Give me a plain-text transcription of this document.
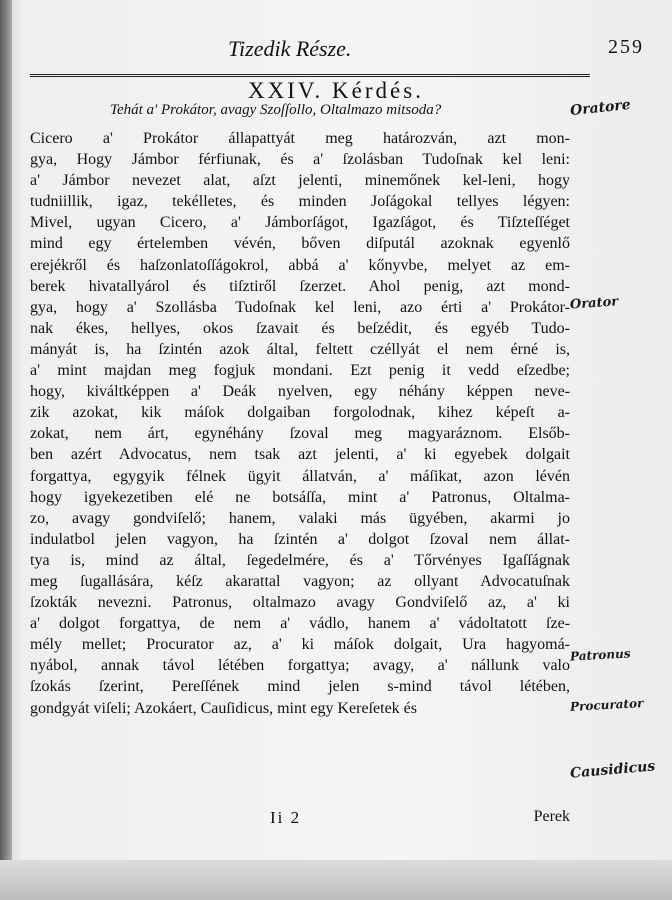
Tizedik Része.	259
XXIV. Kérdés.
Tehát a' Prokátor, avagy Szoſſollo, Oltalmazo mitsoda?
Cicero a' Prokátor állapattyát meg határozván, azt mon-
gya, Hogy Jámbor férfiunak, és a' ſzolásban Tudoſnak kel leni:
a' Jámbor nevezet alat, aſzt jelenti, minemőnek kel-leni, hogy
tudniillik, igaz, tekélletes, és minden Joſágokal tellyes légyen:
Mivel, ugyan Cicero, a' Jámborſágot, Igazſágot, és Tiſzteſſéget
mind egy értelemben vévén, bőven diſputál azoknak egyenlő
erejékről és haſzonlatoſſágokrol, abbá a' kőnyvbe, melyet az em-
berek hivatallyárol és tiſztiről ſzerzet. Ahol penig, azt mond-
gya, hogy a' Szollásba Tudoſnak kel leni, azo érti a' Prokátor-
nak ékes, hellyes, okos ſzavait és beſzédit, és egyéb Tudo-
mányát is, ha ſzintén azok által, feltett czéllyát el nem érné is,
a' mint majdan meg fogjuk mondani. Ezt penig it vedd eſzedbe;
hogy, kiváltképpen a' Deák nyelven, egy néhány képpen neve-
zik azokat, kik máſok dolgaiban forgolodnak, kihez képeſt a-
zokat, nem árt, egynéhány ſzoval meg magyaráznom. Elsőb-
ben azért Advocatus, nem tsak azt jelenti, a' ki egyebek dolgait
forgattya, egygyik félnek ügyit állatván, a' máſikat, azon lévén
hogy igyekezetiben elé ne botsáſſa, mint a' Patronus, Oltalma-
zo, avagy gondviſelő; hanem, valaki más ügyében, akarmi jo
indulatbol jelen vagyon, ha ſzintén a' dolgot ſzoval nem állat-
tya is, mind az által, ſegedelmére, és a' Tőrvényes Igaſſágnak
meg ſugallására, kéſz akarattal vagyon; az ollyant Advocatuſnak
ſzokták nevezni. Patronus, oltalmazo avagy Gondviſelő az, a' ki
a' dolgot forgattya, de nem a' vádlo, hanem a' vádoltatott ſze-
mély mellet; Procurator az, a' ki máſok dolgait, Ura hagyomá-
nyábol, annak távol létében forgattya; avagy, a' nállunk valo
ſzokás ſzerint, Pereſſének mind jelen s-mind távol létében,
gondgyát viſeli; Azokáert, Cauſidicus, mint egy Kereſetek és
Ii 2	Perek
Oratore
Orator
Patronus
Procurator
Causidicus
